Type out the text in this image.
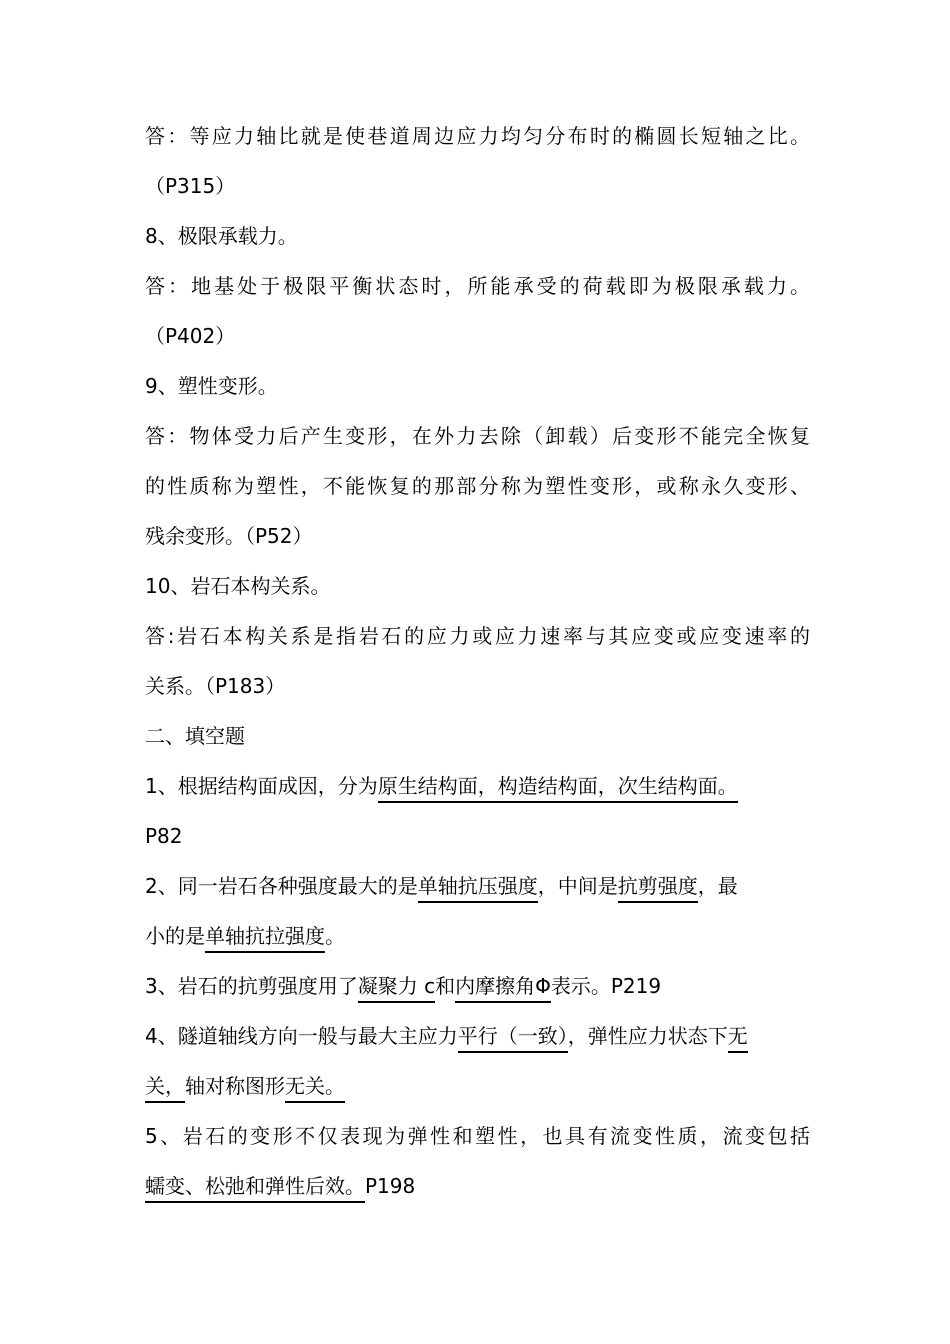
答：等应力轴比就是使巷道周边应力均匀分布时的椭圆长短轴之比。
（P315）
8、极限承载力。
答：地基处于极限平衡状态时，所能承受的荷载即为极限承载力。
（P402）
9、塑性变形。
答：物体受力后产生变形，在外力去除（卸载）后变形不能完全恢复
的性质称为塑性，不能恢复的那部分称为塑性变形，或称永久变形、
残余变形。（P52）
10、岩石本构关系。
答:岩石本构关系是指岩石的应力或应力速率与其应变或应变速率的
关系。（P183）
二、填空题
1、根据结构面成因，分为原生结构面，构造结构面，次生结构面。
P82
2、同一岩石各种强度最大的是单轴抗压强度，中间是抗剪强度，最
小的是单轴抗拉强度。
3、岩石的抗剪强度用了凝聚力 c和内摩擦角Φ表示。P219
4、隧道轴线方向一般与最大主应力平行（一致），弹性应力状态下无
关，轴对称图形无关。
5、岩石的变形不仅表现为弹性和塑性，也具有流变性质，流变包括
蠕变、松弛和弹性后效。P198
